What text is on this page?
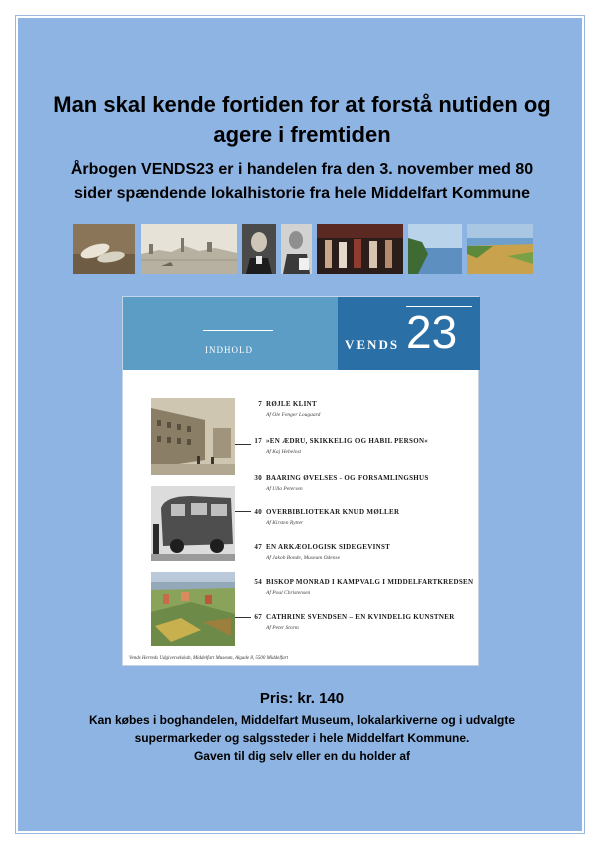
Man skal kende fortiden for at forstå nutiden og
agere i fremtiden
Årbogen VENDS23 er i handelen fra den 3. november med 80
sider spændende lokalhistorie fra hele Middelfart Kommune
INDHOLD	VENDS 23
7 RØJLE KLINT
Af Ole Fenger Lougaard
17 »EN ÆDRU, SKIKKELIG OG HABIL PERSON«
Af Kaj Hebelost
30 BAARING ØVELSES - OG FORSAMLINGSHUS
Af Ulla Petersen
40 OVERBIBLIOTEKAR KNUD MØLLER
Af Kirsten Rytter
47 EN ARKÆOLOGISK SIDEGEVINST
Af Jakob Bonde, Museum Odense
54 BISKOP MONRAD I KAMPVALG I MIDDELFARTKREDSEN
Af Poul Christensen
67 CATHRINE SVENDSEN – EN KVINDELIG KUNSTNER
Af Peter Storm
Vends Herreds Udgiverselskab, Middelfart Museum, Algade 8, 5500 Middelfart
Pris: kr. 140
Kan købes i boghandelen, Middelfart Museum, lokalarkiverne og i udvalgte
supermarkeder og salgssteder i hele Middelfart Kommune.
Gaven til dig selv eller en du holder af
